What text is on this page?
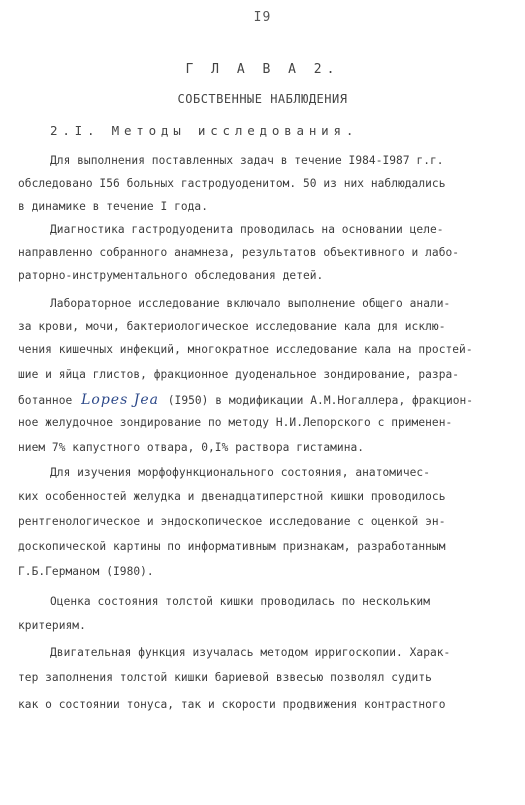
I9
Г Л А В А 2.
СОБСТВЕННЫЕ НАБЛЮДЕНИЯ
2.I. Методы исследования.
Для выполнения поставленных задач в течение I984-I987 г.г.
обследовано I56 больных гастродуоденитом. 50 из них наблюдались
в динамике в течение I года.
Диагностика гастродуоденита проводилась на основании целе-
направленно собранного анамнеза, результатов объективного и лабо-
раторно-инструментального обследования детей.
Лабораторное исследование включало выполнение общего анали-
за крови, мочи, бактериологическое исследование кала для исклю-
чения кишечных инфекций, многократное исследование кала на простей-
шие и яйца глистов, фракционное дуоденальное зондирование, разра-
ботанное Lopes Jea (I950) в модификации А.М.Ногаллера, фракцион-
ное желудочное зондирование по методу Н.И.Лепорского с применен-
нием 7% капустного отвара, 0,I% раствора гистамина.
Для изучения морфофункционального состояния, анатомичес-
ких особенностей желудка и двенадцатиперстной кишки проводилось
рентгенологическое и эндоскопическое исследование с оценкой эн-
доскопической картины по информативным признакам, разработанным
Г.Б.Германом (I980).
Оценка состояния толстой кишки проводилась по нескольким
критериям.
Двигательная функция изучалась методом ирригоскопии. Харак-
тер заполнения толстой кишки бариевой взвесью позволял судить
как о состоянии тонуса, так и скорости продвижения контрастного
